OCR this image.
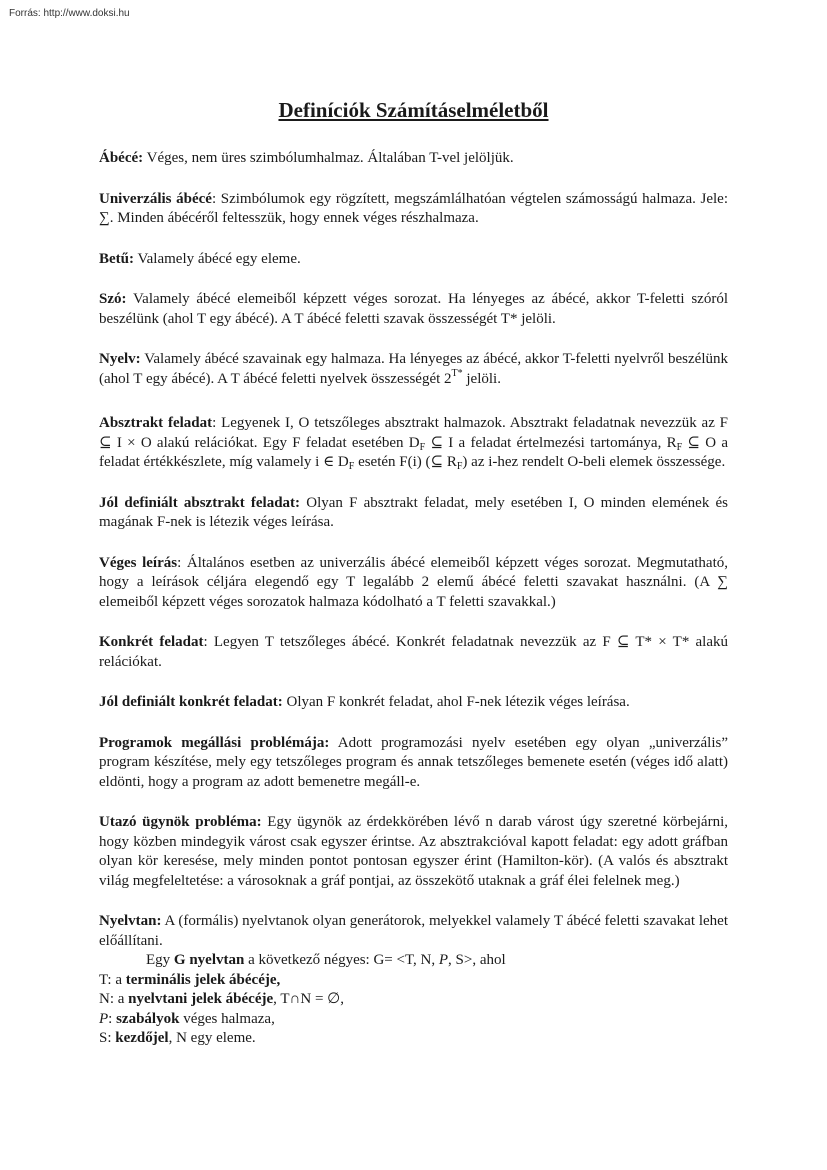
Forrás: http://www.doksi.hu
Definíciók Számításelméletből

Ábécé: Véges, nem üres szimbólumhalmaz. Általában T-vel jelöljük.

Univerzális ábécé: Szimbólumok egy rögzített, megszámlálhatóan végtelen számosságú halmaza. Jele: ∑. Minden ábécéről feltesszük, hogy ennek véges részhalmaza.

Betű: Valamely ábécé egy eleme.

Szó: Valamely ábécé elemeiből képzett véges sorozat. Ha lényeges az ábécé, akkor T-feletti szóról beszélünk (ahol T egy ábécé). A T ábécé feletti szavak összességét T* jelöli.

Nyelv: Valamely ábécé szavainak egy halmaza. Ha lényeges az ábécé, akkor T-feletti nyelvről beszélünk (ahol T egy ábécé). A T ábécé feletti nyelvek összességét $2^{T*}$ jelöli.

Absztrakt feladat: Legyenek I, O tetszőleges absztrakt halmazok. Absztrakt feladatnak nevezzük az F ⊆ I × O alakú relációkat. Egy F feladat esetében $D_F$ ⊆ I a feladat értelmezési tartománya, $R_F$ ⊆ O a feladat értékkészlete, míg valamely i ∈ $D_F$ esetén F(i) (⊆ $R_F$) az i-hez rendelt O-beli elemek összessége.

Jól definiált absztrakt feladat: Olyan F absztrakt feladat, mely esetében I, O minden elemének és magának F-nek is létezik véges leírása.

Véges leírás: Általános esetben az univerzális ábécé elemeiből képzett véges sorozat. Megmutatható, hogy a leírások céljára elegendő egy T legalább 2 elemű ábécé feletti szavakat használni. (A ∑ elemeiből képzett véges sorozatok halmaza kódolható a T feletti szavakkal.)

Konkrét feladat: Legyen T tetszőleges ábécé. Konkrét feladatnak nevezzük az F ⊆ T* × T* alakú relációkat.

Jól definiált konkrét feladat: Olyan F konkrét feladat, ahol F-nek létezik véges leírása.

Programok megállási problémája: Adott programozási nyelv esetében egy olyan „univerzális” program készítése, mely egy tetszőleges program és annak tetszőleges bemenete esetén (véges idő alatt) eldönti, hogy a program az adott bemenetre megáll-e.

Utazó ügynök probléma: Egy ügynök az érdekkörében lévő n darab várost úgy szeretné körbejárni, hogy közben mindegyik várost csak egyszer érintse. Az absztrakcióval kapott feladat: egy adott gráfban olyan kör keresése, mely minden pontot pontosan egyszer érint (Hamilton-kör). (A valós és absztrakt világ megfeleltetése: a városoknak a gráf pontjai, az összekötő utaknak a gráf élei felelnek meg.)

Nyelvtan: A (formális) nyelvtanok olyan generátorok, melyekkel valamely T ábécé feletti szavakat lehet előállítani.

Egy G nyelvtan a következő négyes: G= <T, N, P, S>, ahol

T: a terminális jelek ábécéje,

N: a nyelvtani jelek ábécéje, T∩N = ∅,

P: szabályok véges halmaza,

S: kezdőjel, N egy eleme.
